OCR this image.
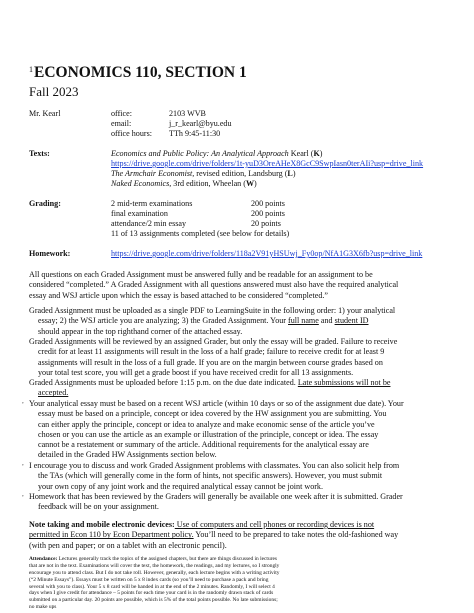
$^1$ECONOMICS 110, SECTION 1
Fall 2023
Mr. Kearl	office:	2103 WVB
email:	j_r_kearl@byu.edu
office hours: TTh 9:45-11:30
Texts:	Economics and Public Policy: An Analytical Approach Kearl (K)
https://drive.google.com/drive/folders/1t-yuD3OreAHeX8GcC9SwpIasn0terAIi?usp=drive_link
The Armchair Economist, revised edition, Landsburg (L)
Naked Economics, 3rd edition, Wheelan (W)
Grading:	2 mid-term examinations	200 points
final examination	200 points
attendance/2 min essay	20 points
11 of 13 assignments completed (see below for details)
Homework:	https://drive.google.com/drive/folders/118a2V91yHSUwj_Fy0op/NfA1G3X6fb?usp=drive_link
All questions on each Graded Assignment must be answered fully and be readable for an assignment to be
considered “completed.” A Graded Assignment with all questions answered must also have the required analytical
essay and WSJ article upon which the essay is based attached to be considered “completed.”
Graded Assignment must be uploaded as a single PDF to LearningSuite in the following order: 1) your analytical
essay; 2) the WSJ article you are analyzing; 3) the Graded Assignment. Your full name and student ID
should appear in the top righthand corner of the attached essay.
Graded Assignments will be reviewed by an assigned Grader, but only the essay will be graded. Failure to receive
credit for at least 11 assignments will result in the loss of a half grade; failure to receive credit for at least 9
assignments will result in the loss of a full grade. If you are on the margin between course grades based on
your total test score, you will get a grade boost if you have received credit for all 13 assignments.
Graded Assignments must be uploaded before 1:15 p.m. on the due date indicated. Late submissions will not be
accepted.
, Your analytical essay must be based on a recent WSJ article (within 10 days or so of the assignment due date). Your
essay must be based on a principle, concept or idea covered by the HW assignment you are submitting. You
can either apply the principle, concept or idea to analyze and make economic sense of the article you’ve
chosen or you can use the article as an example or illustration of the principle, concept or idea. The essay
cannot be a restatement or summary of the article. Additional requirements for the analytical essay are
detailed in the Graded HW Assignments section below.
, I encourage you to discuss and work Graded Assignment problems with classmates. You can also solicit help from
the TAs (which will generally come in the form of hints, not specific answers). However, you must submit
your own copy of any joint work and the required analytical essay cannot be joint work.
, Homework that has been reviewed by the Graders will generally be available one week after it is submitted. Grader
feedback will be on your assignment.
Note taking and mobile electronic devices: Use of computers and cell phones or recording devices is not
permitted in Econ 110 by Econ Department policy. You’ll need to be prepared to take notes the old-fashioned way
(with pen and paper; or on a tablet with an electronic pencil).
Attendance: Lectures generally track the topics of the assigned chapters, but there are things discussed in lectures
that are not in the text. Examinations will cover the text, the homework, the readings, and my lectures, so I strongly
encourage you to attend class. But I do not take roll. However, generally, each lecture begins with a writing activity
(“2 Minute Essays”). Essays must be written on 5 x 8 index cards (so you’ll need to purchase a pack and bring
several with you to class). Your 5 x 8 card will be handed in at the end of the 2 minutes. Randomly, I will select 4
days when I give credit for attendance – 5 points for each time your card is in the randomly drawn stack of cards
submitted on a particular day. 20 points are possible, which is 5% of the total points possible. No late submissions;
no make ups
